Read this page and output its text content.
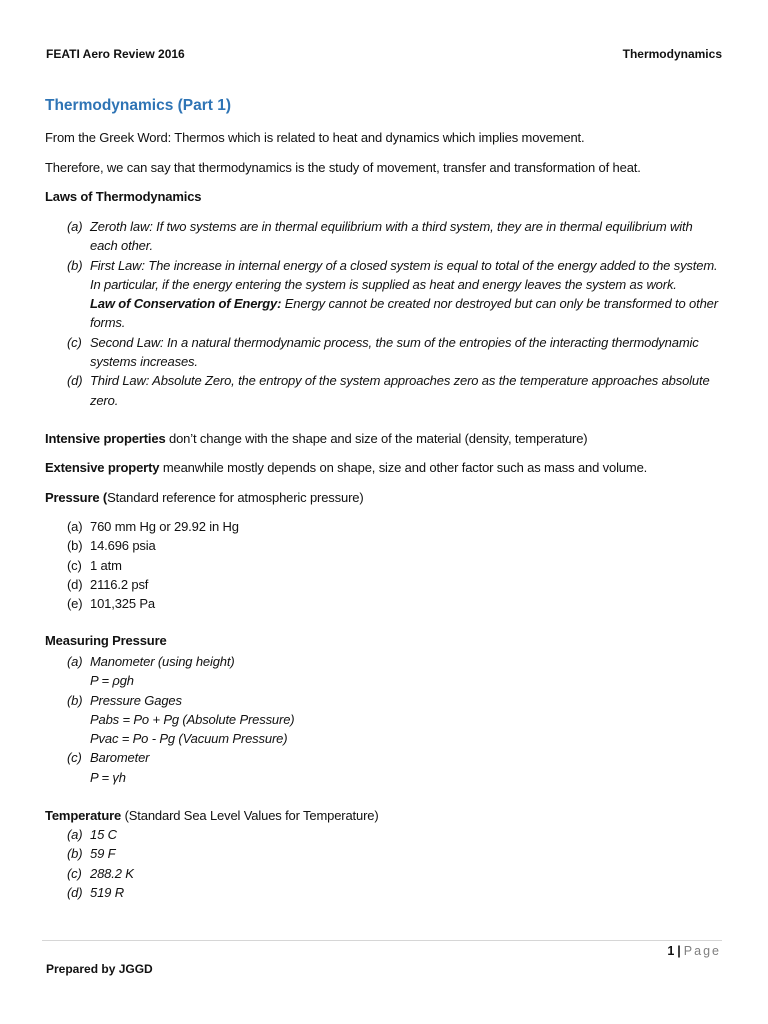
FEATI Aero Review 2016	Thermodynamics
Thermodynamics (Part 1)

From the Greek Word: Thermos which is related to heat and dynamics which implies movement.

Therefore, we can say that thermodynamics is the study of movement, transfer and transformation of heat.

Laws of Thermodynamics

(a) Zeroth law: If two systems are in thermal equilibrium with a third system, they are in thermal equilibrium with each other.
(b) First Law: The increase in internal energy of a closed system is equal to total of the energy added to the system. In particular, if the energy entering the system is supplied as heat and energy leaves the system as work.
Law of Conservation of Energy: Energy cannot be created nor destroyed but can only be transformed to other forms.
(c) Second Law: In a natural thermodynamic process, the sum of the entropies of the interacting thermodynamic systems increases.
(d) Third Law: Absolute Zero, the entropy of the system approaches zero as the temperature approaches absolute zero.

Intensive properties don’t change with the shape and size of the material (density, temperature)

Extensive property meanwhile mostly depends on shape, size and other factor such as mass and volume.

Pressure (Standard reference for atmospheric pressure)

(a) 760 mm Hg or 29.92 in Hg
(b) 14.696 psia
(c) 1 atm
(d) 2116.2 psf
(e) 101,325 Pa

Measuring Pressure

(a) Manometer (using height)
P = ρgh
(b) Pressure Gages
Pabs = Po + Pg (Absolute Pressure)
Pvac = Po - Pg (Vacuum Pressure)
(c) Barometer
P = γh

Temperature (Standard Sea Level Values for Temperature)

(a) 15 C
(b) 59 F
(c) 288.2 K
(d) 519 R
1 | Page
Prepared by JGGD
